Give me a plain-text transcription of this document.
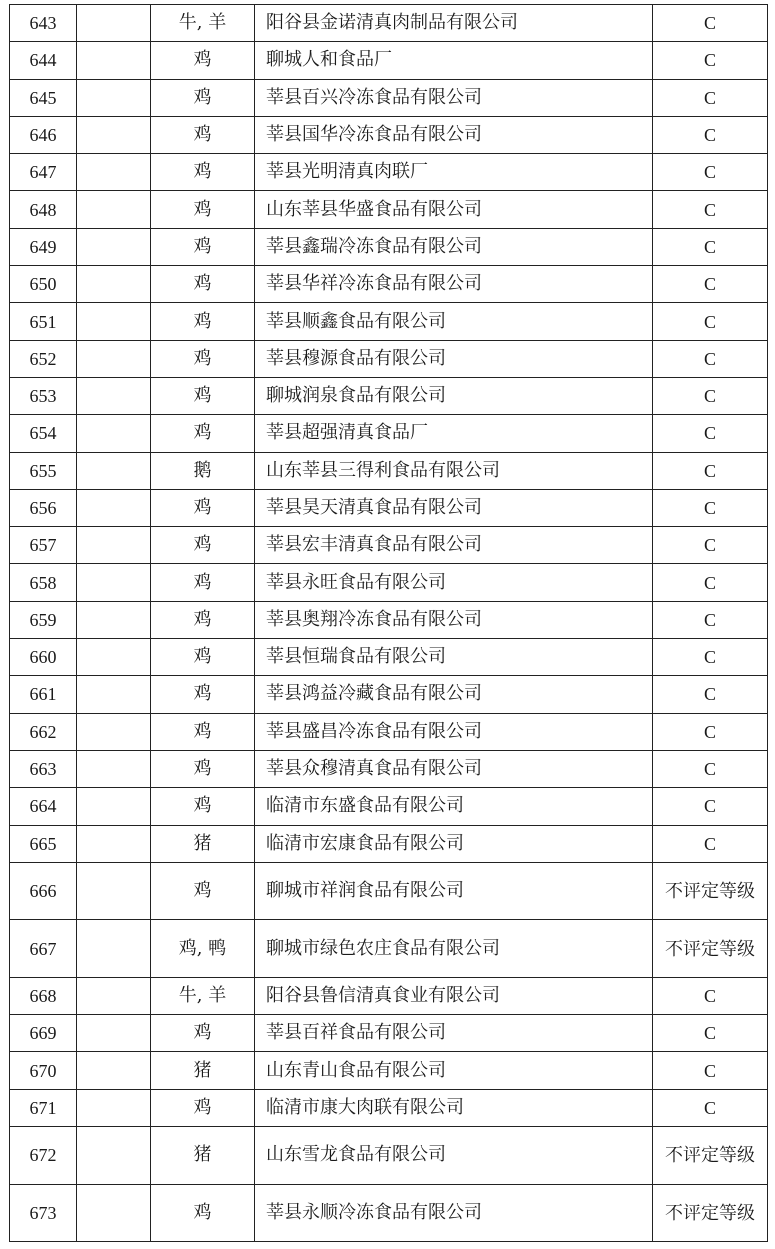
643		牛, 羊	阳谷县金诺清真肉制品有限公司	C
644		鸡	聊城人和食品厂	C
645		鸡	莘县百兴冷冻食品有限公司	C
646		鸡	莘县国华冷冻食品有限公司	C
647		鸡	莘县光明清真肉联厂	C
648		鸡	山东莘县华盛食品有限公司	C
649		鸡	莘县鑫瑞冷冻食品有限公司	C
650		鸡	莘县华祥冷冻食品有限公司	C
651		鸡	莘县顺鑫食品有限公司	C
652		鸡	莘县穆源食品有限公司	C
653		鸡	聊城润泉食品有限公司	C
654		鸡	莘县超强清真食品厂	C
655		鹅	山东莘县三得利食品有限公司	C
656		鸡	莘县昊天清真食品有限公司	C
657		鸡	莘县宏丰清真食品有限公司	C
658		鸡	莘县永旺食品有限公司	C
659		鸡	莘县奥翔冷冻食品有限公司	C
660		鸡	莘县恒瑞食品有限公司	C
661		鸡	莘县鸿益冷藏食品有限公司	C
662		鸡	莘县盛昌冷冻食品有限公司	C
663		鸡	莘县众穆清真食品有限公司	C
664		鸡	临清市东盛食品有限公司	C
665		猪	临清市宏康食品有限公司	C
666		鸡	聊城市祥润食品有限公司	不评定等级
667		鸡, 鸭	聊城市绿色农庄食品有限公司	不评定等级
668		牛, 羊	阳谷县鲁信清真食业有限公司	C
669		鸡	莘县百祥食品有限公司	C
670		猪	山东青山食品有限公司	C
671		鸡	临清市康大肉联有限公司	C
672		猪	山东雪龙食品有限公司	不评定等级
673		鸡	莘县永顺冷冻食品有限公司	不评定等级
